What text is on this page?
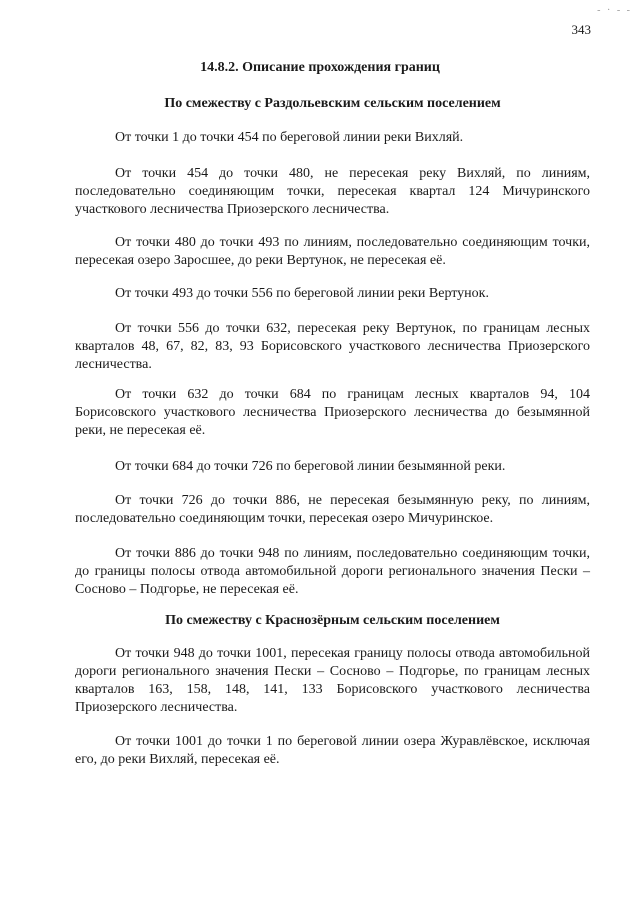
- · ‐ ‐
343
14.8.2. Описание прохождения границ
По смежеству с Раздольевским сельским поселением

От точки 1 до точки 454 по береговой линии реки Вихляй.

От точки 454 до точки 480, не пересекая реку Вихляй, по линиям, последовательно соединяющим точки, пересекая квартал 124 Мичуринского участкового лесничества Приозерского лесничества.

От точки 480 до точки 493 по линиям, последовательно соединяющим точки, пересекая озеро Заросшее, до реки Вертунок, не пересекая её.

От точки 493 до точки 556 по береговой линии реки Вертунок.

От точки 556 до точки 632, пересекая реку Вертунок, по границам лесных кварталов 48, 67, 82, 83, 93 Борисовского участкового лесничества Приозерского лесничества.

От точки 632 до точки 684 по границам лесных кварталов 94, 104 Борисовского участкового лесничества Приозерского лесничества до безымянной реки, не пересекая её.

От точки 684 до точки 726 по береговой линии безымянной реки.

От точки 726 до точки 886, не пересекая безымянную реку, по линиям, последовательно соединяющим точки, пересекая озеро Мичуринское.

От точки 886 до точки 948 по линиям, последовательно соединяющим точки, до границы полосы отвода автомобильной дороги регионального значения Пески – Сосново – Подгорье, не пересекая её.

По смежеству с Краснозёрным сельским поселением

От точки 948 до точки 1001, пересекая границу полосы отвода автомобильной дороги регионального значения Пески – Сосново – Подгорье, по границам лесных кварталов 163, 158, 148, 141, 133 Борисовского участкового лесничества Приозерского лесничества.

От точки 1001 до точки 1 по береговой линии озера Журавлёвское, исключая его, до реки Вихляй, пересекая её.
